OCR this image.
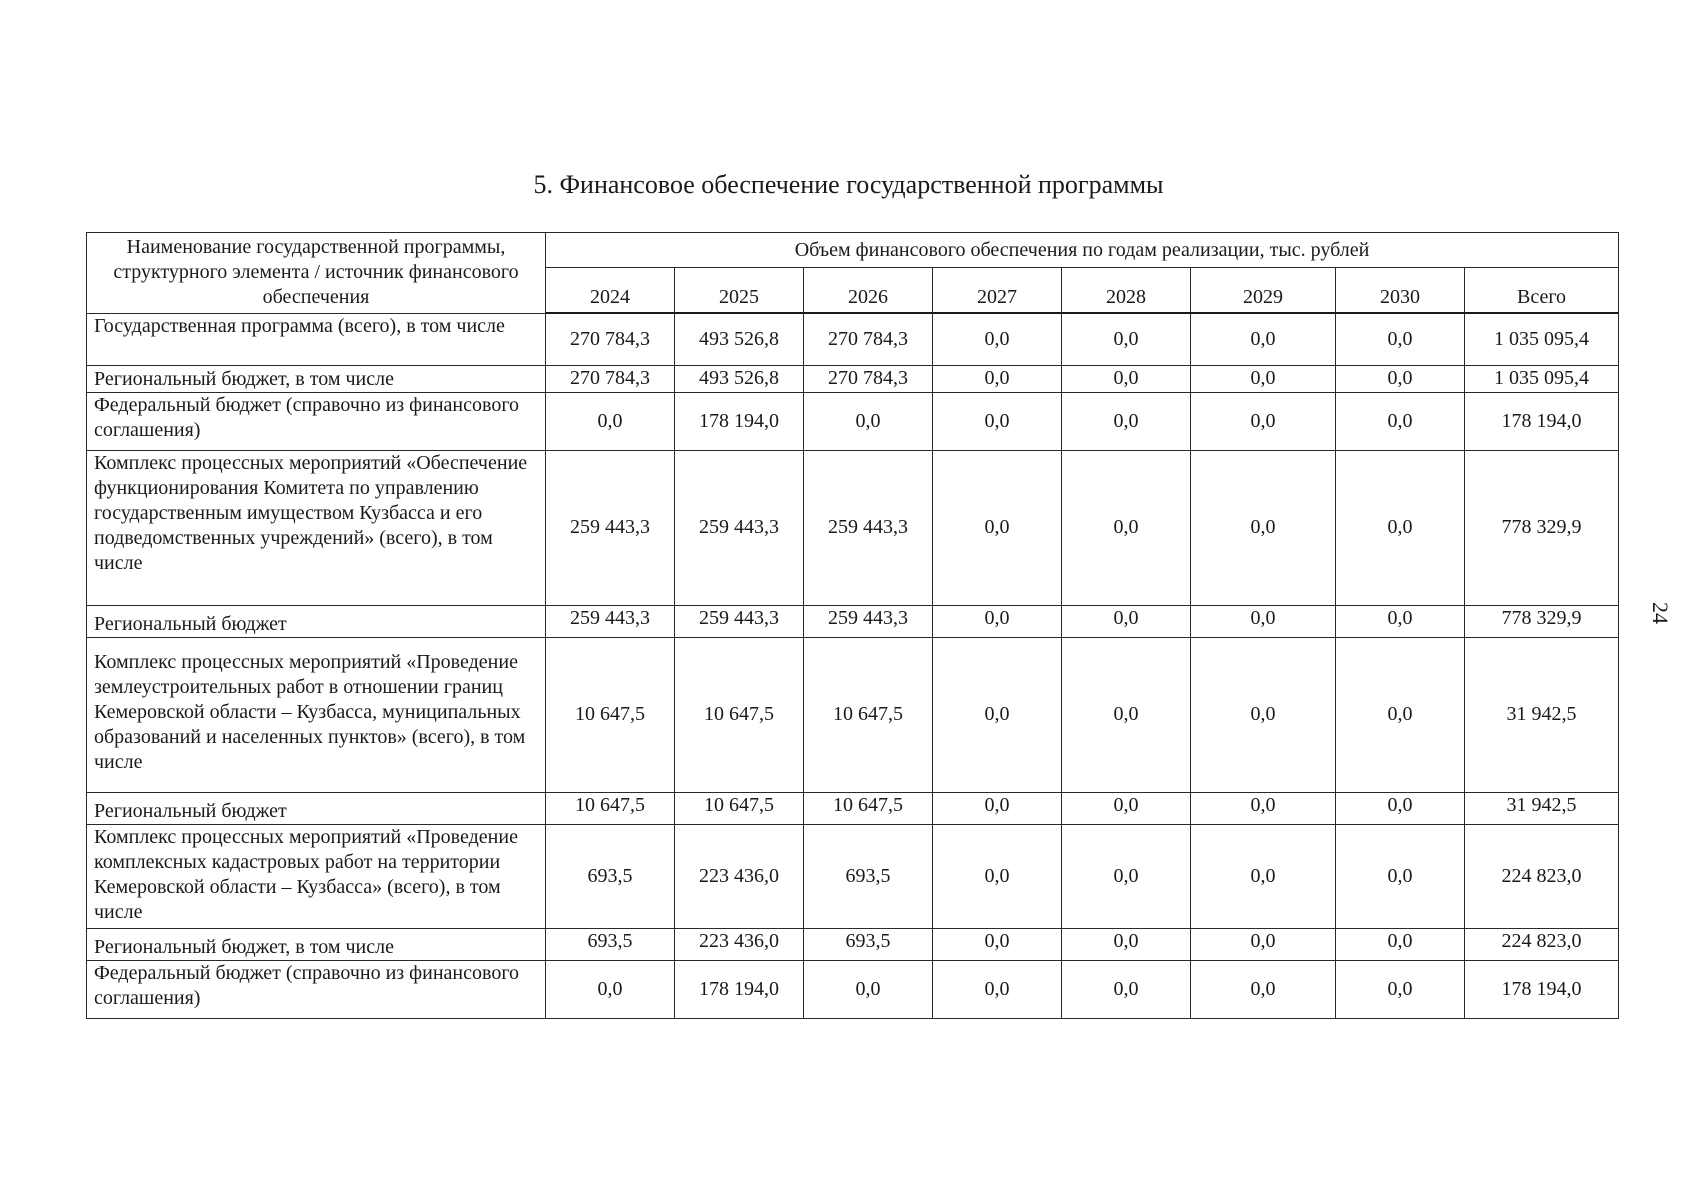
5. Финансовое обеспечение государственной программы
24
Наименование государственной программы, структурного элемента / источник финансового обеспечения	Объем финансового обеспечения по годам реализации, тыс. рублей							
	2024	2025	2026	2027	2028	2029	2030	Всего
Государственная программа (всего), в том числе	270 784,3	493 526,8	270 784,3	0,0	0,0	0,0	0,0	1 035 095,4
Региональный бюджет, в том числе	270 784,3	493 526,8	270 784,3	0,0	0,0	0,0	0,0	1 035 095,4
Федеральный бюджет (справочно из финансового соглашения)	0,0	178 194,0	0,0	0,0	0,0	0,0	0,0	178 194,0
Комплекс процессных мероприятий «Обеспечение функционирования Комитета по управлению государственным имуществом Кузбасса и его подведомственных учреждений» (всего), в том числе	259 443,3	259 443,3	259 443,3	0,0	0,0	0,0	0,0	778 329,9
Региональный бюджет	259 443,3	259 443,3	259 443,3	0,0	0,0	0,0	0,0	778 329,9
Комплекс процессных мероприятий «Проведение землеустроительных работ в отношении границ Кемеровской области – Кузбасса, муниципальных образований и населенных пунктов» (всего), в том числе	10 647,5	10 647,5	10 647,5	0,0	0,0	0,0	0,0	31 942,5
Региональный бюджет	10 647,5	10 647,5	10 647,5	0,0	0,0	0,0	0,0	31 942,5
Комплекс процессных мероприятий «Проведение комплексных кадастровых работ на территории Кемеровской области – Кузбасса» (всего), в том числе	693,5	223 436,0	693,5	0,0	0,0	0,0	0,0	224 823,0
Региональный бюджет, в том числе	693,5	223 436,0	693,5	0,0	0,0	0,0	0,0	224 823,0
Федеральный бюджет (справочно из финансового соглашения)	0,0	178 194,0	0,0	0,0	0,0	0,0	0,0	178 194,0
